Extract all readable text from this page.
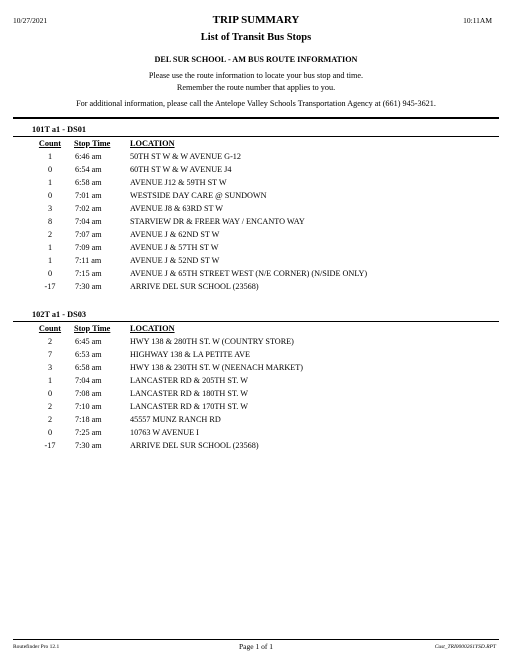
10/27/2021	TRIP SUMMARY	10:11AM
List of Transit Bus Stops
DEL SUR SCHOOL - AM BUS ROUTE INFORMATION
Please use the route information to locate your bus stop and time.
Remember the route number that applies to you.
For additional information, please call the Antelope Valley Schools Transportation Agency at (661) 945-3621.
101T a1 - DS01
Count	Stop Time LOCATION
1	6:46 am	50TH ST W & W AVENUE G-12
0	6:54 am	60TH ST W & W AVENUE J4
1	6:58 am	AVENUE J12 & 59TH ST W
0	7:01 am	WESTSIDE DAY CARE @ SUNDOWN
3	7:02 am	AVENUE J8 & 63RD ST W
8	7:04 am	STARVIEW DR & FREER WAY / ENCANTO WAY
2	7:07 am	AVENUE J & 62ND ST W
1	7:09 am	AVENUE J & 57TH ST W
1	7:11 am	AVENUE J & 52ND ST W
0	7:15 am	AVENUE J & 65TH STREET WEST (N/E CORNER) (N/SIDE ONLY)
-17	7:30 am	ARRIVE DEL SUR SCHOOL (23568)
102T a1 - DS03
Count	Stop Time LOCATION
2	6:45 am	HWY 138 & 280TH ST. W (COUNTRY STORE)
7	6:53 am	HIGHWAY 138 & LA PETITE AVE
3	6:58 am	HWY 138 & 230TH ST. W (NEENACH MARKET)
1	7:04 am	LANCASTER RD & 205TH ST. W
0	7:08 am	LANCASTER RD & 180TH ST. W
2	7:10 am	LANCASTER RD & 170TH ST. W
2	7:18 am	45557 MUNZ RANCH RD
0	7:25 am	10763 W AVENUE I
-17	7:30 am	ARRIVE DEL SUR SCHOOL (23568)
Routefinder Pro 12.1	Page 1 of 1	Cust_TRI0000261YSD.RPT
